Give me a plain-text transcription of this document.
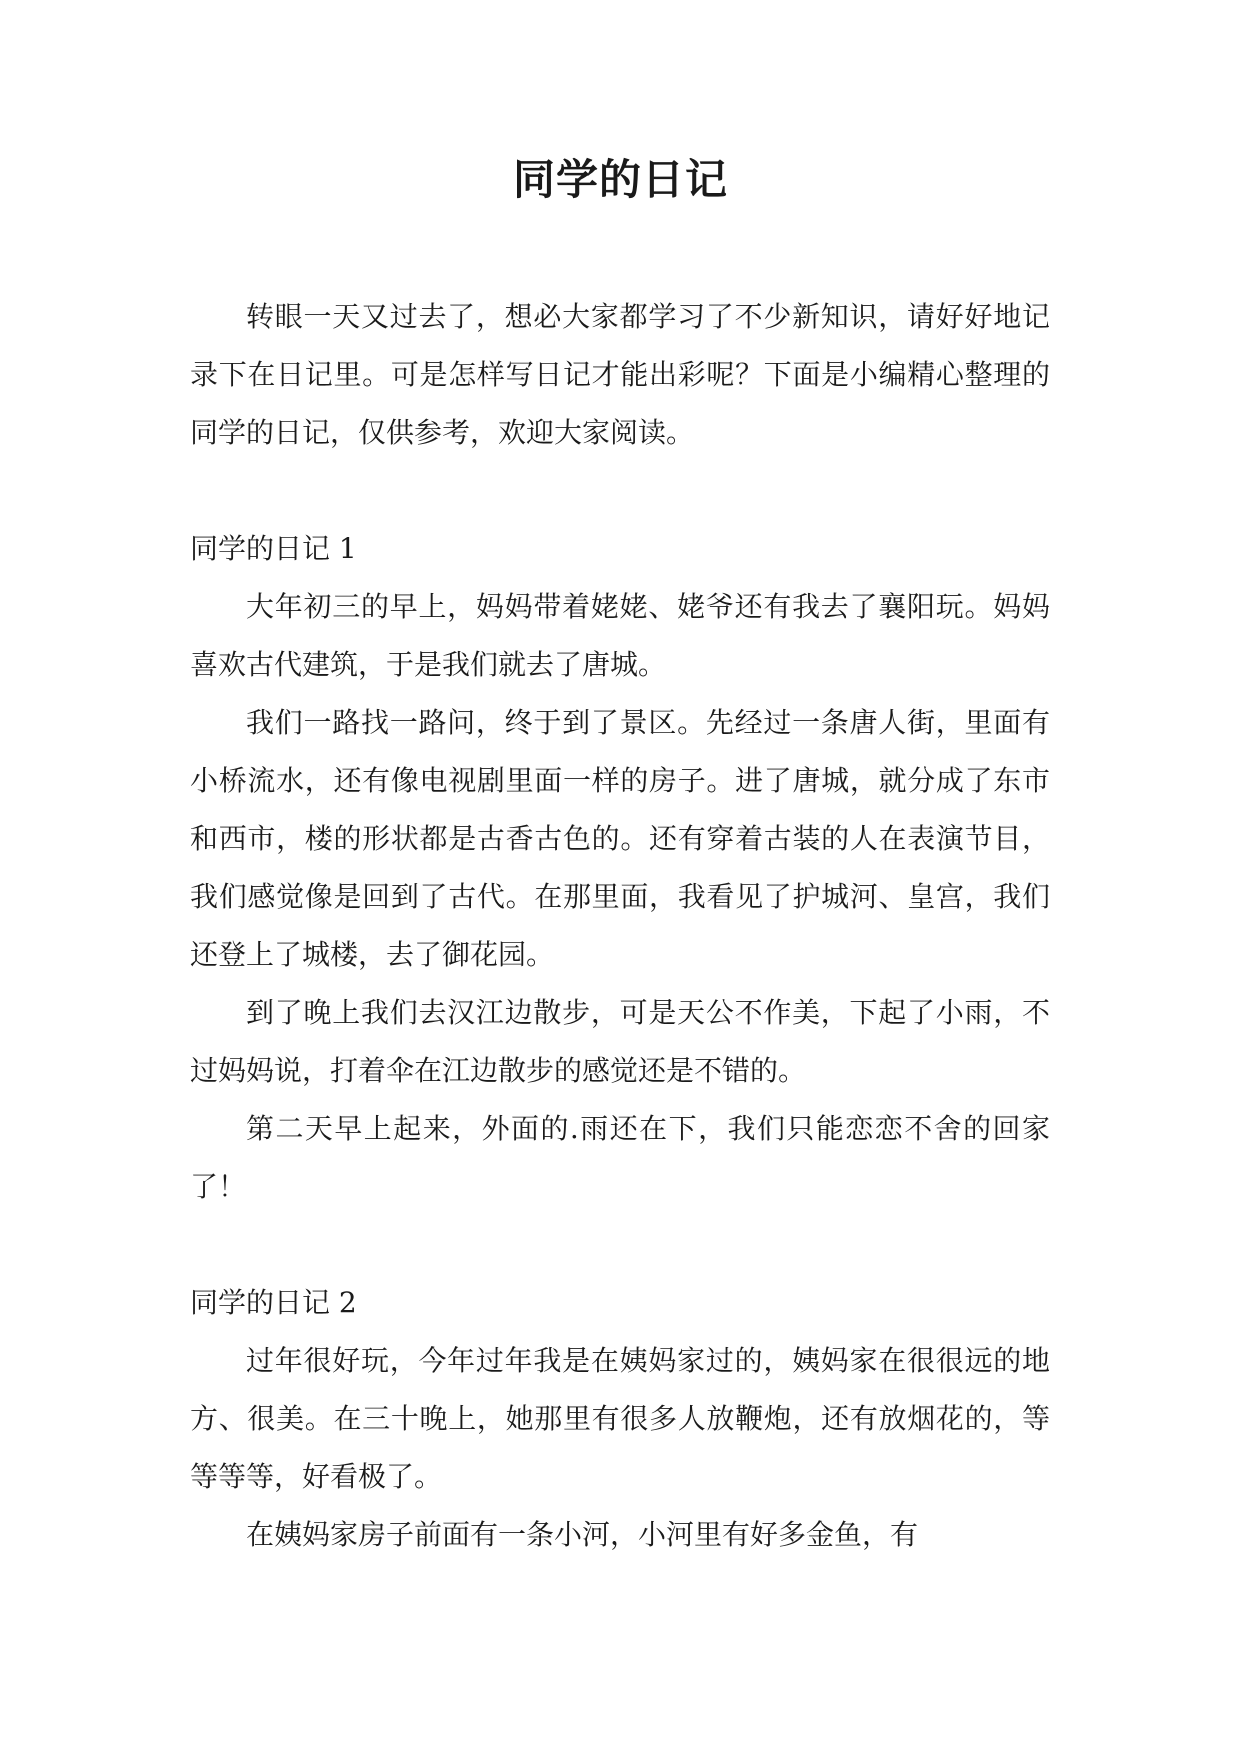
同学的日记

转眼一天又过去了，想必大家都学习了不少新知识，请好好地记录下在日记里。可是怎样写日记才能出彩呢？下面是小编精心整理的同学的日记，仅供参考，欢迎大家阅读。

同学的日记 1

大年初三的早上，妈妈带着姥姥、姥爷还有我去了襄阳玩。妈妈喜欢古代建筑，于是我们就去了唐城。

我们一路找一路问，终于到了景区。先经过一条唐人街，里面有小桥流水，还有像电视剧里面一样的房子。进了唐城，就分成了东市和西市，楼的形状都是古香古色的。还有穿着古装的人在表演节目，我们感觉像是回到了古代。在那里面，我看见了护城河、皇宫，我们还登上了城楼，去了御花园。

到了晚上我们去汉江边散步，可是天公不作美，下起了小雨，不过妈妈说，打着伞在江边散步的感觉还是不错的。

第二天早上起来，外面的.雨还在下，我们只能恋恋不舍的回家了！

同学的日记 2

过年很好玩，今年过年我是在姨妈家过的，姨妈家在很很远的地方、很美。在三十晚上，她那里有很多人放鞭炮，还有放烟花的，等等等等，好看极了。

在姨妈家房子前面有一条小河，小河里有好多金鱼，有
